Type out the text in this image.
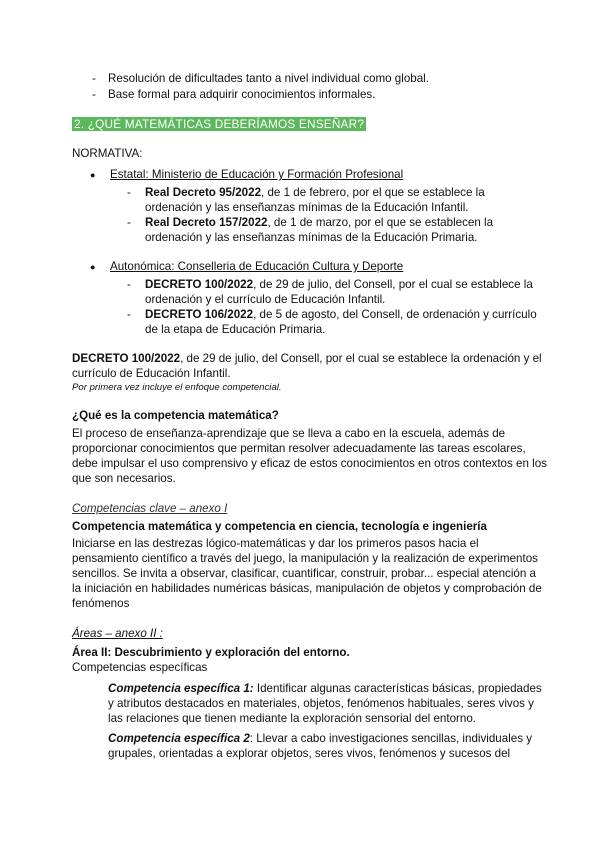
- Resolución de dificultades tanto a nivel individual como global.
- Base formal para adquirir conocimientos informales.
2. ¿QUÉ MATEMÁTICAS DEBERÍAMOS ENSEÑAR?
NORMATIVA:
● Estatal: Ministerio de Educación y Formación Profesional
- Real Decreto 95/2022, de 1 de febrero, por el que se establece la
ordenación y las enseñanzas mínimas de la Educación Infantil.
- Real Decreto 157/2022, de 1 de marzo, por el que se establecen la
ordenación y las enseñanzas mínimas de la Educación Primaria.
● Autonómica: Conselleria de Educación Cultura y Deporte
- DECRETO 100/2022, de 29 de julio, del Consell, por el cual se establece la
ordenación y el currículo de Educación Infantil.
- DECRETO 106/2022, de 5 de agosto, del Consell, de ordenación y currículo
de la etapa de Educación Primaria.
DECRETO 100/2022, de 29 de julio, del Consell, por el cual se establece la ordenación y el
currículo de Educación Infantil.
Por primera vez incluye el enfoque competencial.
¿Qué es la competencia matemática?
El proceso de enseñanza-aprendizaje que se lleva a cabo en la escuela, además de
proporcionar conocimientos que permitan resolver adecuadamente las tareas escolares,
debe impulsar el uso comprensivo y eficaz de estos conocimientos en otros contextos en los
que son necesarios.
Competencias clave – anexo I
Competencia matemática y competencia en ciencia, tecnología e ingeniería
Iniciarse en las destrezas lógico-matemáticas y dar los primeros pasos hacia el
pensamiento científico a través del juego, la manipulación y la realización de experimentos
sencillos. Se invita a observar, clasificar, cuantificar, construir, probar... especial atención a
la iniciación en habilidades numéricas básicas, manipulación de objetos y comprobación de
fenómenos
Áreas – anexo II :
Área II: Descubrimiento y exploración del entorno.
Competencias específicas
Competencia específica 1: Identificar algunas características básicas, propiedades
y atributos destacados en materiales, objetos, fenómenos habituales, seres vivos y
las relaciones que tienen mediante la exploración sensorial del entorno.
Competencia específica 2: Llevar a cabo investigaciones sencillas, individuales y
grupales, orientadas a explorar objetos, seres vivos, fenómenos y sucesos del
